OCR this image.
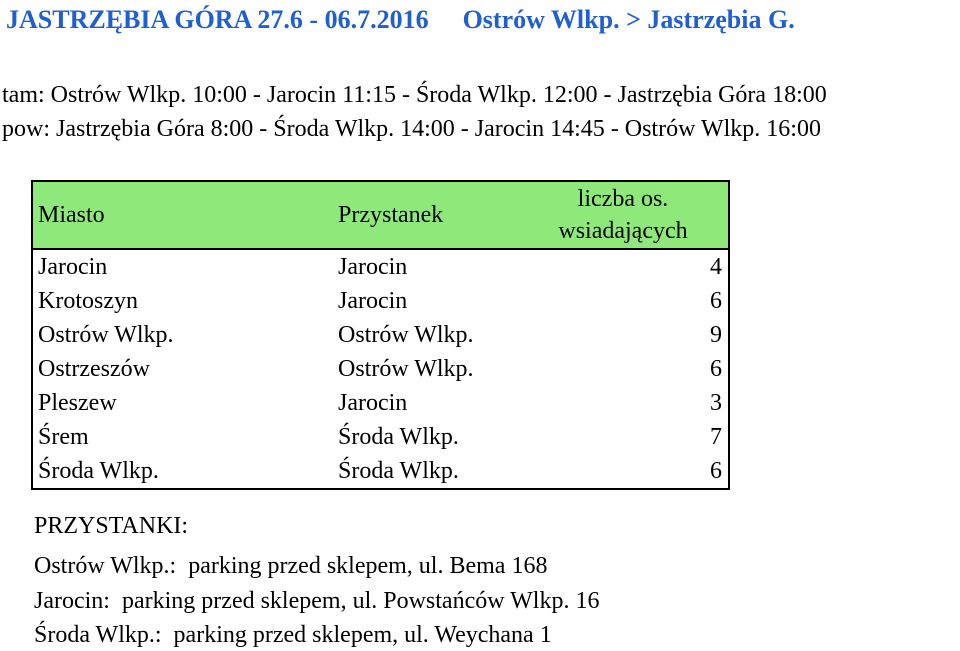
JASTRZĘBIA GÓRA 27.6 - 06.7.2016 Ostrów Wlkp. > Jastrzębia G.
tam: Ostrów Wlkp. 10:00 - Jarocin 11:15 - Środa Wlkp. 12:00 - Jastrzębia Góra 18:00
pow: Jastrzębia Góra 8:00 - Środa Wlkp. 14:00 - Jarocin 14:45 - Ostrów Wlkp. 16:00
Miasto	Przystanek	liczba os.
wsiadających
Jarocin	Jarocin	4
Krotoszyn	Jarocin	6
Ostrów Wlkp.	Ostrów Wlkp.	9
Ostrzeszów	Ostrów Wlkp.	6
Pleszew	Jarocin	3
Śrem	Środa Wlkp.	7
Środa Wlkp.	Środa Wlkp.	6
PRZYSTANKI:
Ostrów Wlkp.: parking przed sklepem, ul. Bema 168
Jarocin: parking przed sklepem, ul. Powstańców Wlkp. 16
Środa Wlkp.: parking przed sklepem, ul. Weychana 1
